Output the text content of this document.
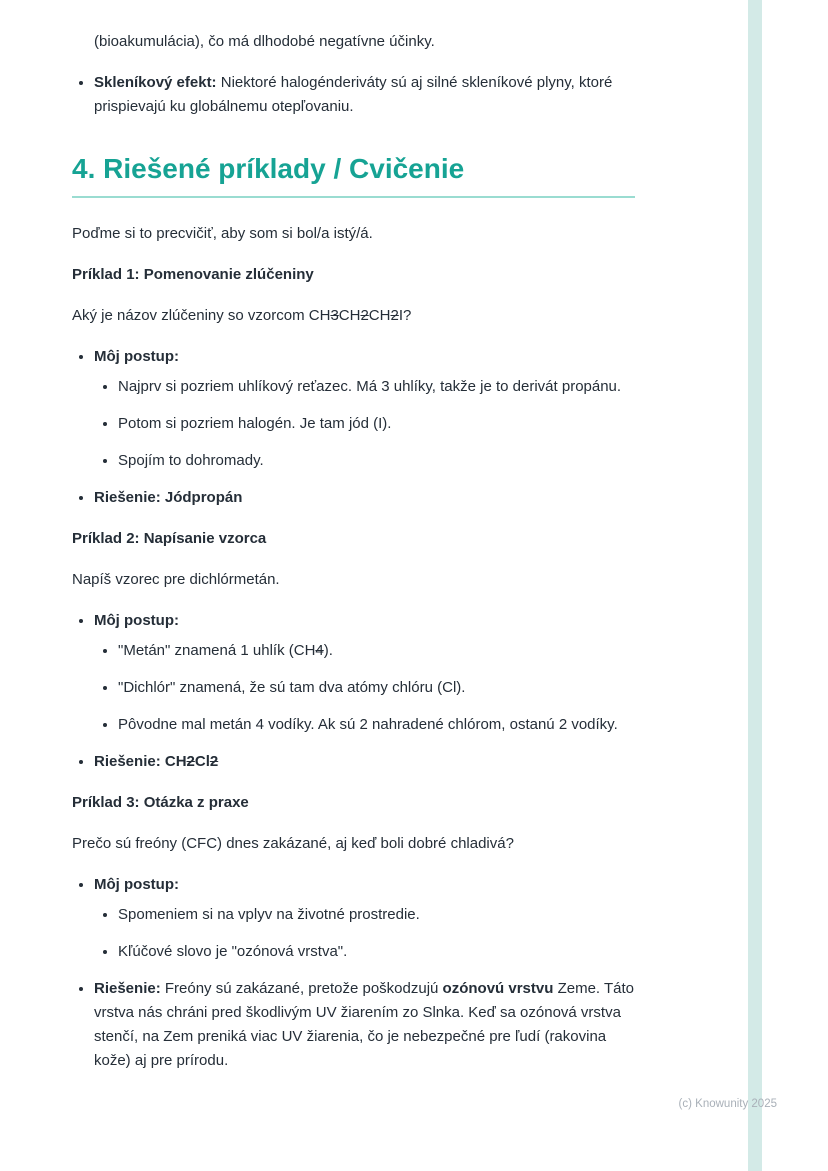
(bioakumulácia), čo má dlhodobé negatívne účinky.

• Skleníkový efekt: Niektoré halogénderiváty sú aj silné skleníkové plyny, ktoré prispievajú ku globálnemu otepľovaniu.
4. Riešené príklady / Cvičenie

Poďme si to precvičiť, aby som si bol/a istý/á.

Príklad 1: Pomenovanie zlúčeniny

Aký je názov zlúčeniny so vzorcom CH3CH2CH2I?

• Môj postup:
• Najprv si pozriem uhlíkový reťazec. Má 3 uhlíky, takže je to derivát propánu.
• Potom si pozriem halogén. Je tam jód (I).
• Spojím to dohromady.
• Riešenie: Jódpropán

Príklad 2: Napísanie vzorca

Napíš vzorec pre dichlórmetán.

• Môj postup:
• "Metán" znamená 1 uhlík (CH4).
• "Dichlór" znamená, že sú tam dva atómy chlóru (Cl).
• Pôvodne mal metán 4 vodíky. Ak sú 2 nahradené chlórom, ostanú 2 vodíky.
• Riešenie: CH2Cl2

Príklad 3: Otázka z praxe

Prečo sú freóny (CFC) dnes zakázané, aj keď boli dobré chladivá?

• Môj postup:
• Spomeniem si na vplyv na životné prostredie.
• Kľúčové slovo je "ozónová vrstva".
• Riešenie: Freóny sú zakázané, pretože poškodzujú ozónovú vrstvu Zeme. Táto vrstva nás chráni pred škodlivým UV žiarením zo Slnka. Keď sa ozónová vrstva stenčí, na Zem preniká viac UV žiarenia, čo je nebezpečné pre ľudí (rakovina kože) aj pre prírodu.
(c) Knowunity 2025
